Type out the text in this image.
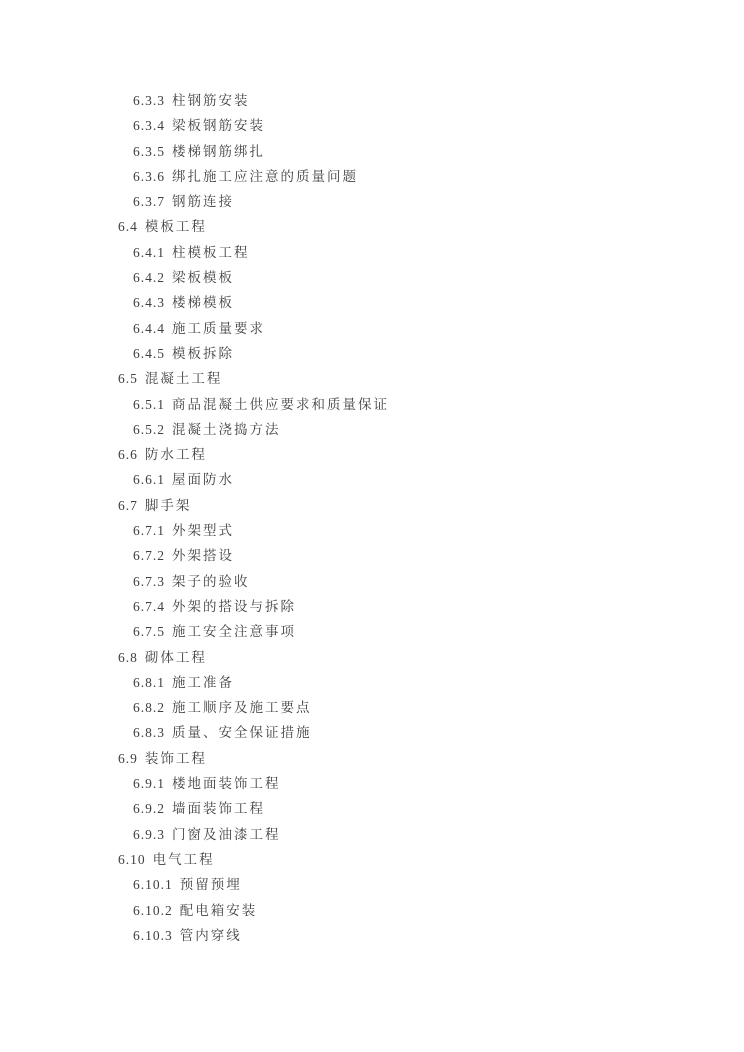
6.3.3 柱钢筋安装
6.3.4 梁板钢筋安装
6.3.5 楼梯钢筋绑扎
6.3.6 绑扎施工应注意的质量问题
6.3.7 钢筋连接
6.4 模板工程
6.4.1 柱模板工程
6.4.2 梁板模板
6.4.3 楼梯模板
6.4.4 施工质量要求
6.4.5 模板拆除
6.5 混凝土工程
6.5.1 商品混凝土供应要求和质量保证
6.5.2 混凝土浇捣方法
6.6 防水工程
6.6.1 屋面防水
6.7 脚手架
6.7.1 外架型式
6.7.2 外架搭设
6.7.3 架子的验收
6.7.4 外架的搭设与拆除
6.7.5 施工安全注意事项
6.8 砌体工程
6.8.1 施工准备
6.8.2 施工顺序及施工要点
6.8.3 质量、安全保证措施
6.9 装饰工程
6.9.1 楼地面装饰工程
6.9.2 墙面装饰工程
6.9.3 门窗及油漆工程
6.10 电气工程
6.10.1 预留预埋
6.10.2 配电箱安装
6.10.3 管内穿线
